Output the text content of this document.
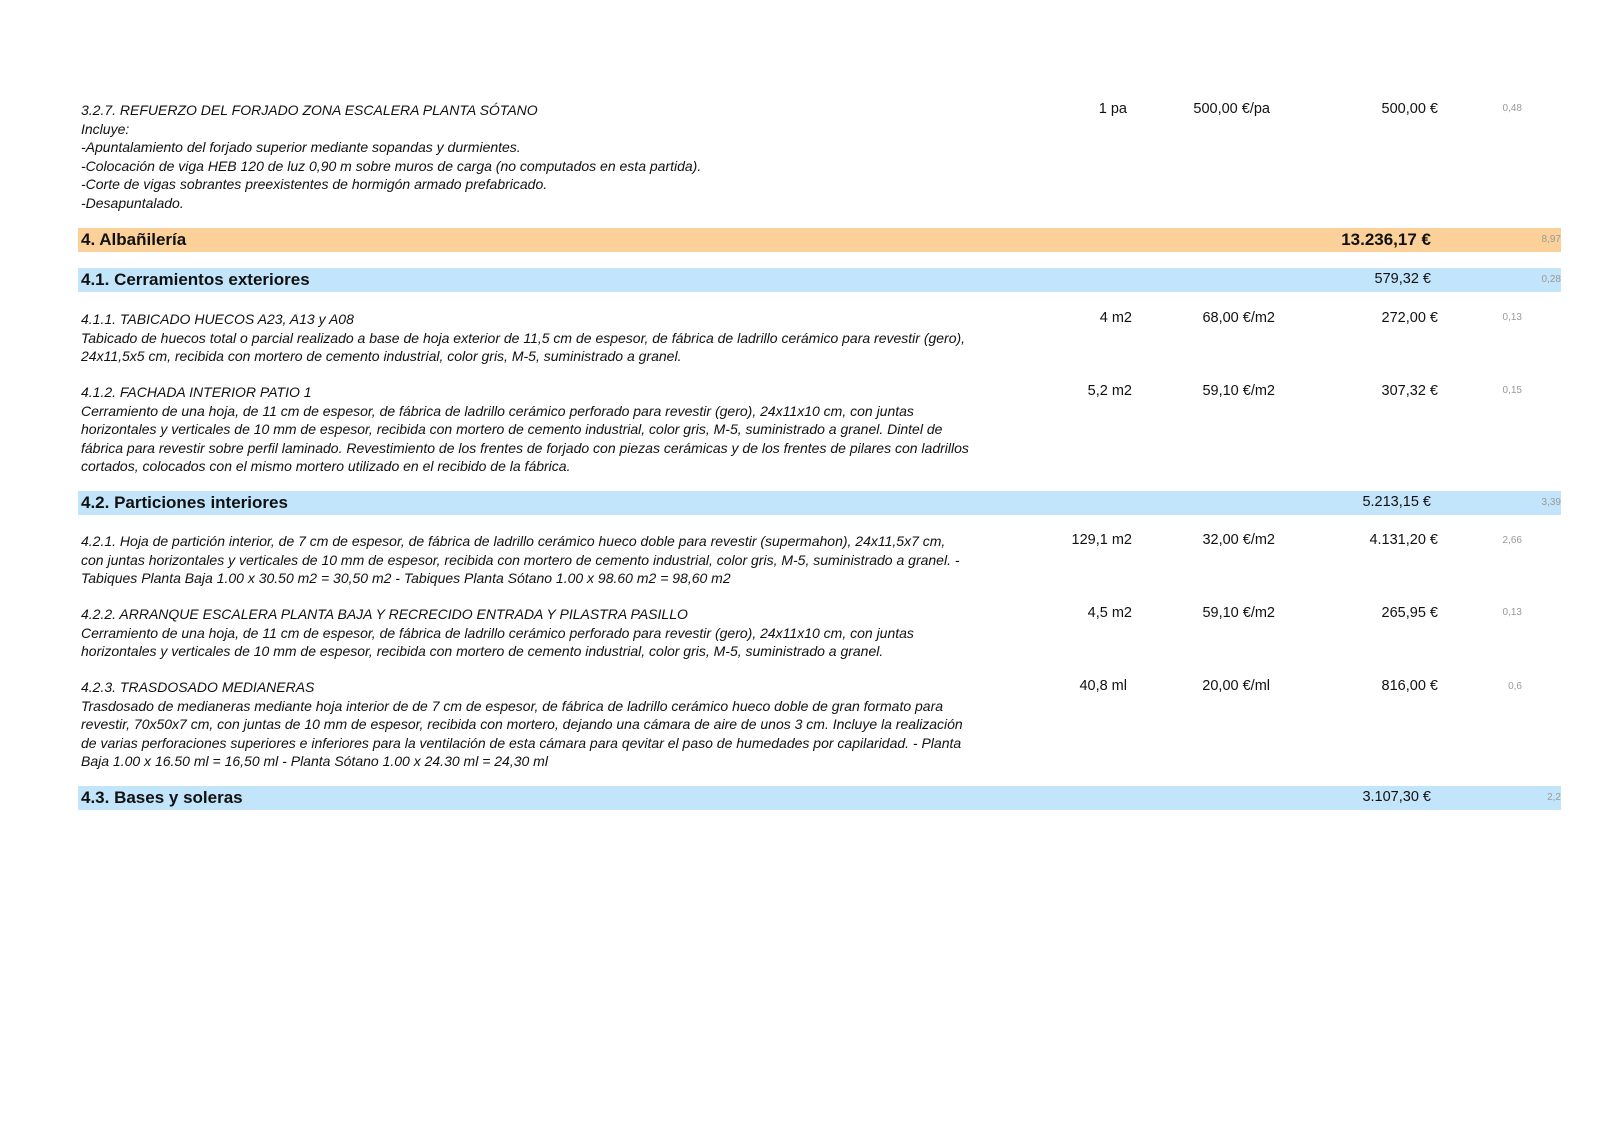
3.2.7. REFUERZO DEL FORJADO ZONA ESCALERA PLANTA SÓTANO
Incluye:
-Apuntalamiento del forjado superior mediante sopandas y durmientes.
-Colocación de viga HEB 120 de luz 0,90 m sobre muros de carga (no computados en esta partida).
-Corte de vigas sobrantes preexistentes de hormigón armado prefabricado.
-Desapuntalado.
1 pa	500,00 €/pa	500,00 €	0,48
4. Albañilería	13.236,17 €	8,97
4.1. Cerramientos exteriores	579,32 €	0,28
4.1.1. TABICADO HUECOS A23, A13 y A08
Tabicado de huecos total o parcial realizado a base de hoja exterior de 11,5 cm de espesor, de fábrica de ladrillo cerámico para revestir (gero),
24x11,5x5 cm, recibida con mortero de cemento industrial, color gris, M-5, suministrado a granel.
4 m2	68,00 €/m2	272,00 €	0,13
4.1.2. FACHADA INTERIOR PATIO 1
Cerramiento de una hoja, de 11 cm de espesor, de fábrica de ladrillo cerámico perforado para revestir (gero), 24x11x10 cm, con juntas
horizontales y verticales de 10 mm de espesor, recibida con mortero de cemento industrial, color gris, M-5, suministrado a granel. Dintel de
fábrica para revestir sobre perfil laminado. Revestimiento de los frentes de forjado con piezas cerámicas y de los frentes de pilares con ladrillos
cortados, colocados con el mismo mortero utilizado en el recibido de la fábrica.
5,2 m2	59,10 €/m2	307,32 €	0,15
4.2. Particiones interiores	5.213,15 €	3,39
4.2.1. Hoja de partición interior, de 7 cm de espesor, de fábrica de ladrillo cerámico hueco doble para revestir (supermahon), 24x11,5x7 cm,
con juntas horizontales y verticales de 10 mm de espesor, recibida con mortero de cemento industrial, color gris, M-5, suministrado a granel. -
Tabiques Planta Baja 1.00 x 30.50 m2 = 30,50 m2 - Tabiques Planta Sótano 1.00 x 98.60 m2 = 98,60 m2
129,1 m2	32,00 €/m2	4.131,20 €	2,66
4.2.2. ARRANQUE ESCALERA PLANTA BAJA Y RECRECIDO ENTRADA Y PILASTRA PASILLO
Cerramiento de una hoja, de 11 cm de espesor, de fábrica de ladrillo cerámico perforado para revestir (gero), 24x11x10 cm, con juntas
horizontales y verticales de 10 mm de espesor, recibida con mortero de cemento industrial, color gris, M-5, suministrado a granel.
4,5 m2	59,10 €/m2	265,95 €	0,13
4.2.3. TRASDOSADO MEDIANERAS
Trasdosado de medianeras mediante hoja interior de de 7 cm de espesor, de fábrica de ladrillo cerámico hueco doble de gran formato para
revestir, 70x50x7 cm, con juntas de 10 mm de espesor, recibida con mortero, dejando una cámara de aire de unos 3 cm. Incluye la realización
de varias perforaciones superiores e inferiores para la ventilación de esta cámara para qevitar el paso de humedades por capilaridad. - Planta
Baja 1.00 x 16.50 ml = 16,50 ml - Planta Sótano 1.00 x 24.30 ml = 24,30 ml
40,8 ml	20,00 €/ml	816,00 €	0,6
4.3. Bases y soleras	3.107,30 €	2,2
